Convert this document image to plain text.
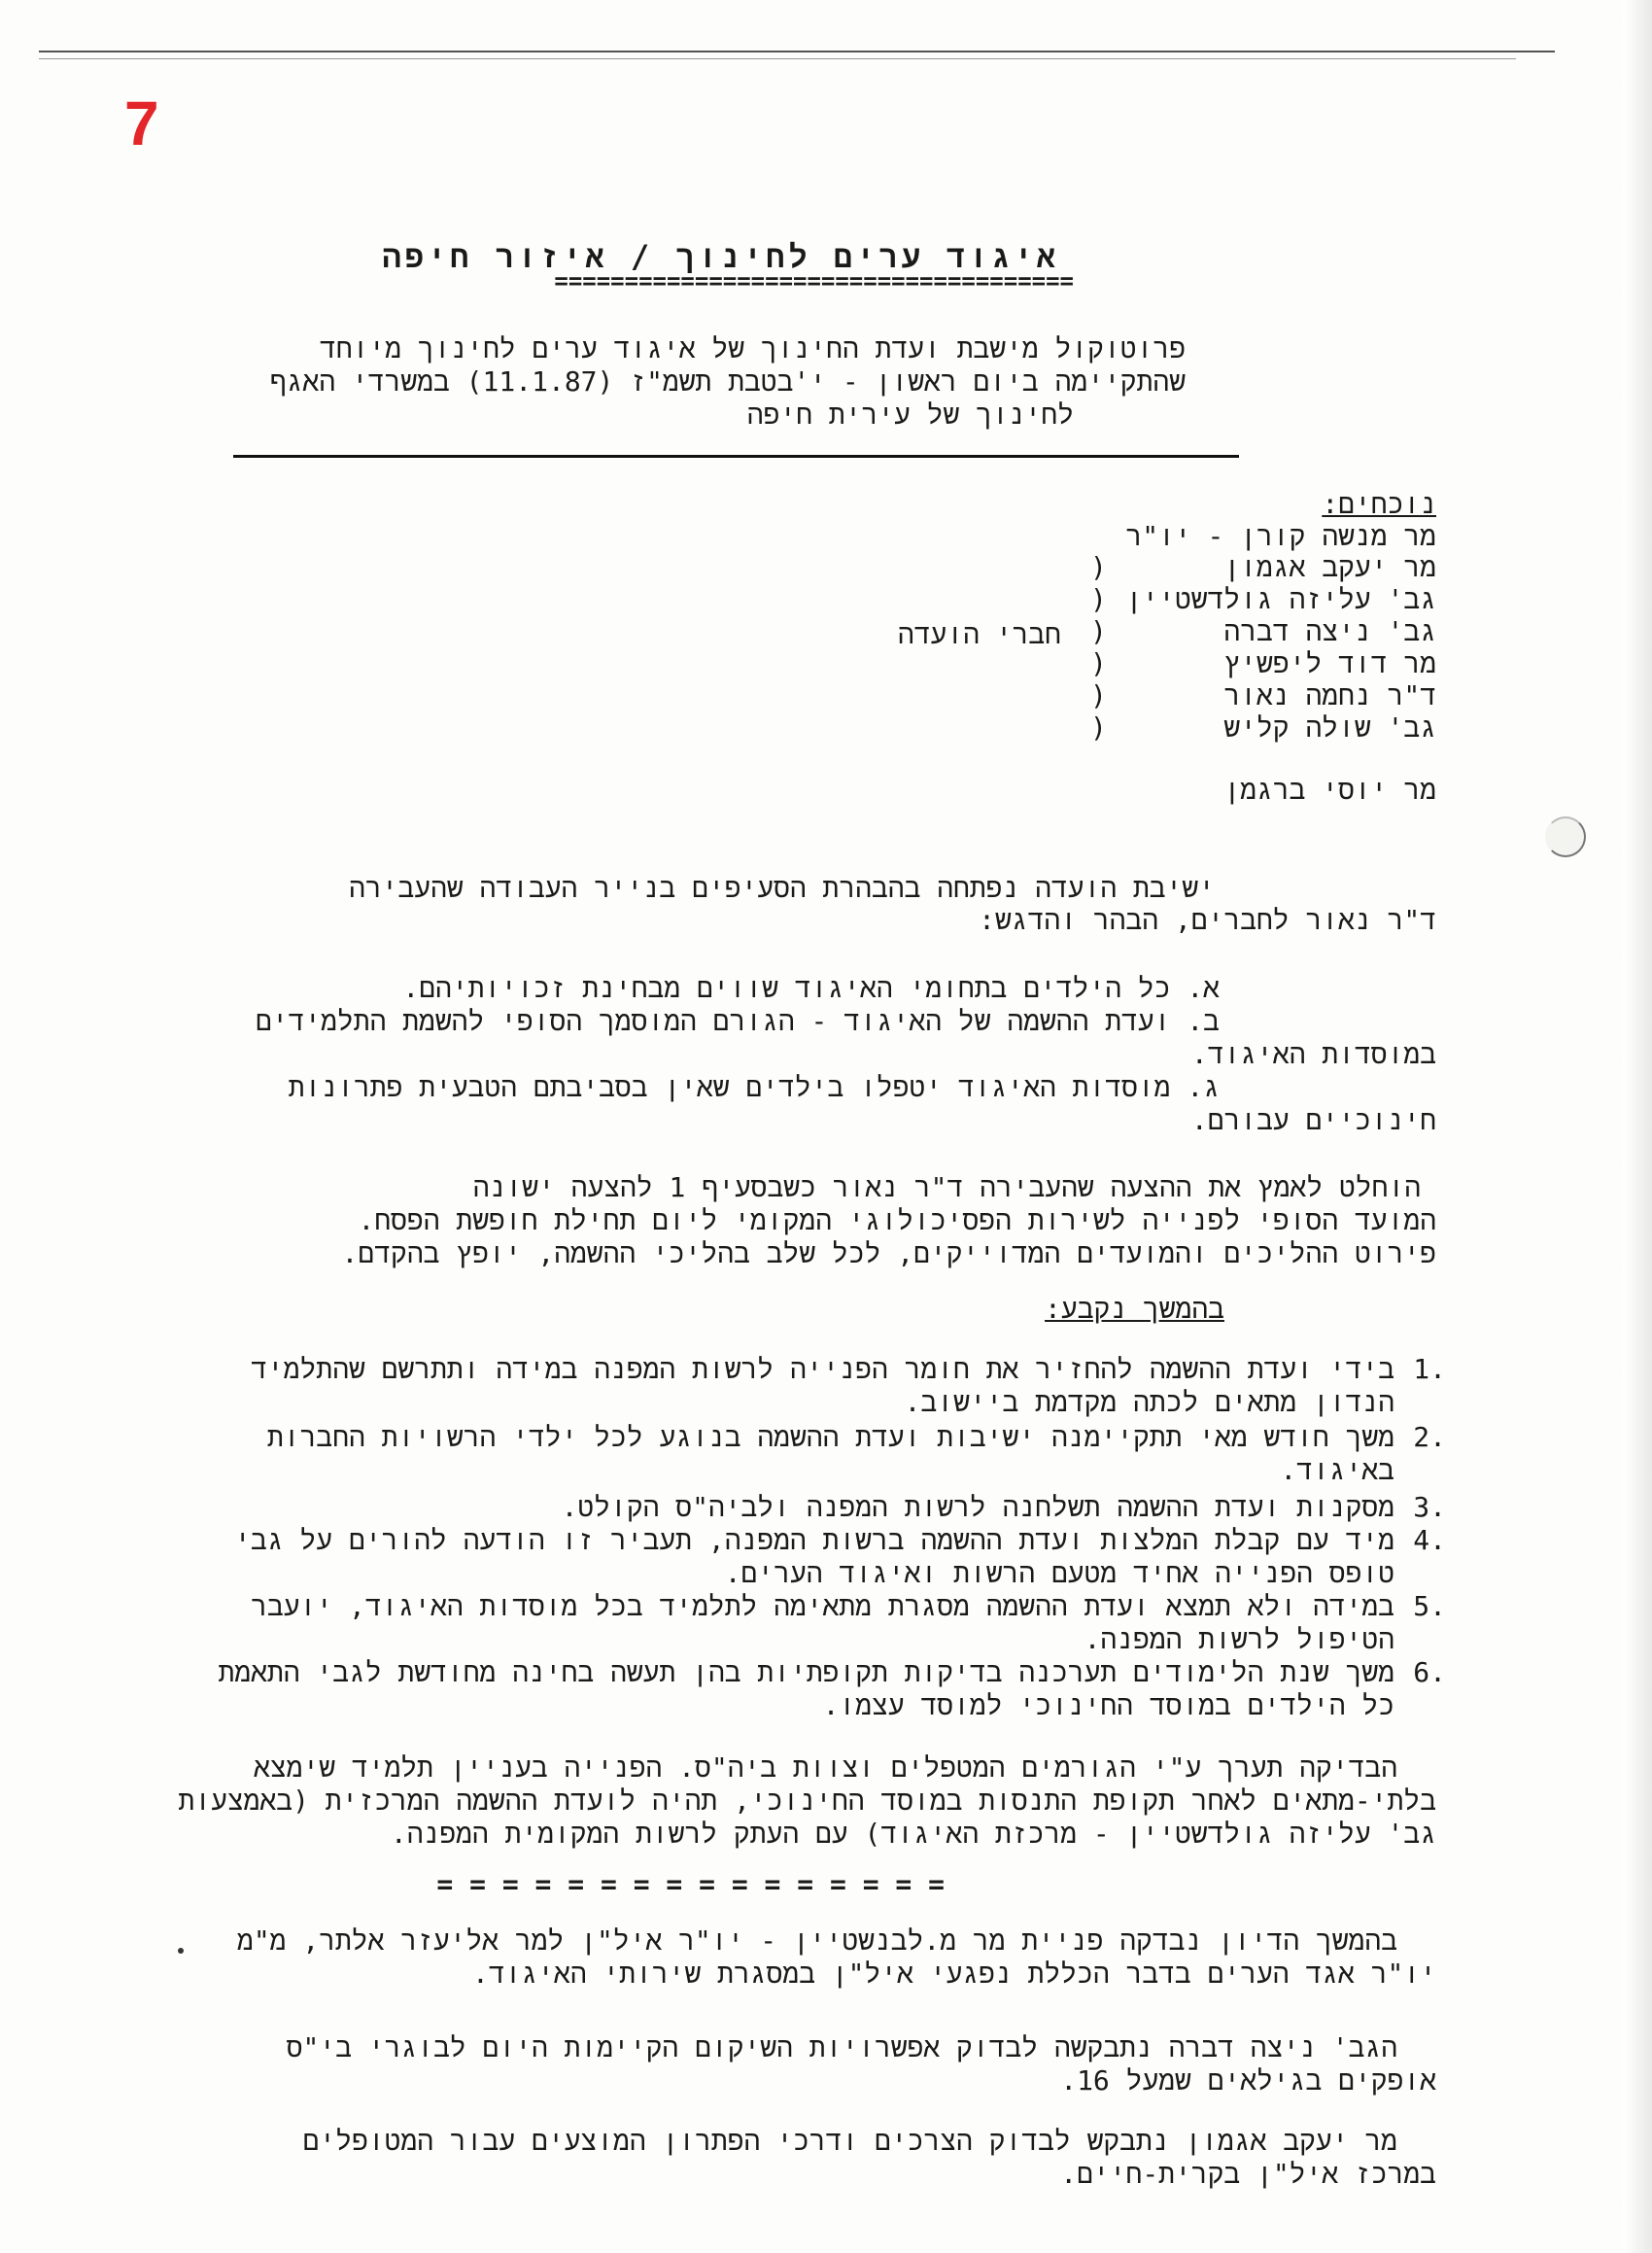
7
איגוד ערים לחינוך / איזור חיפה
=====================================
פרוטוקול מישבת ועדת החינוך של איגוד ערים לחינוך מיוחד
שהתקיימה ביום ראשון - י'בטבת תשמ"ז (11.1.87) במשרדי האגף
לחינוך של עירית חיפה
נוכחים:
מר מנשה קורן - יו"ר
מר יעקב אגמון
גב' עליזה גולדשטיין
גב' ניצה דברה
מר דוד ליפשיץ
ד"ר נחמה נאור
גב' שולה קליש
)
)
)
)
)
)
חברי הועדה
מר יוסי ברגמן
ישיבת הועדה נפתחה בהבהרת הסעיפים בנייר העבודה שהעבירה
ד"ר נאור לחברים, הבהר והדגש:
א. כל הילדים בתחומי האיגוד שווים מבחינת זכויותיהם.
ב. ועדת ההשמה של האיגוד - הגורם המוסמך הסופי להשמת התלמידים
במוסדות האיגוד.
ג. מוסדות האיגוד יטפלו בילדים שאין בסביבתם הטבעית פתרונות
חינוכיים עבורם.
הוחלט לאמץ את ההצעה שהעבירה ד"ר נאור כשבסעיף 1 להצעה ישונה
המועד הסופי לפנייה לשירות הפסיכולוגי המקומי ליום תחילת חופשת הפסח.
פירוט ההליכים והמועדים המדוייקים, לכל שלב בהליכי ההשמה, יופץ בהקדם.
בהמשך נקבע:
1.
בידי ועדת ההשמה להחזיר את חומר הפנייה לרשות המפנה במידה ותתרשם שהתלמיד
הנדון מתאים לכתה מקדמת ביישוב.
2.
משך חודש מאי תתקיימנה ישיבות ועדת ההשמה בנוגע לכל ילדי הרשויות החברות
באיגוד.
3.
מסקנות ועדת ההשמה תשלחנה לרשות המפנה ולביה"ס הקולט.
4.
מיד עם קבלת המלצות ועדת ההשמה ברשות המפנה, תעביר זו הודעה להורים על גבי
טופס הפנייה אחיד מטעם הרשות ואיגוד הערים.
5.
במידה ולא תמצא ועדת ההשמה מסגרת מתאימה לתלמיד בכל מוסדות האיגוד, יועבר
הטיפול לרשות המפנה.
6.
משך שנת הלימודים תערכנה בדיקות תקופתיות בהן תעשה בחינה מחודשת לגבי התאמת
כל הילדים במוסד החינוכי למוסד עצמו.
הבדיקה תערך ע"י הגורמים המטפלים וצוות ביה"ס. הפנייה בעניין תלמיד שימצא
בלתי-מתאים לאחר תקופת התנסות במוסד החינוכי, תהיה לועדת ההשמה המרכזית (באמצעות
גב' עליזה גולדשטיין - מרכזת האיגוד) עם העתק לרשות המקומית המפנה.
= = = = = = = = = = = = = = = =
בהמשך הדיון נבדקה פניית מר מ.לבנשטיין - יו"ר איל"ן למר אליעזר אלתר, מ"מ
יו"ר אגד הערים בדבר הכללת נפגעי איל"ן במסגרת שירותי האיגוד.
הגב' ניצה דברה נתבקשה לבדוק אפשרויות השיקום הקיימות היום לבוגרי בי"ס
אופקים בגילאים שמעל 16.
מר יעקב אגמון נתבקש לבדוק הצרכים ודרכי הפתרון המוצעים עבור המטופלים
במרכז איל"ן בקרית-חיים.
